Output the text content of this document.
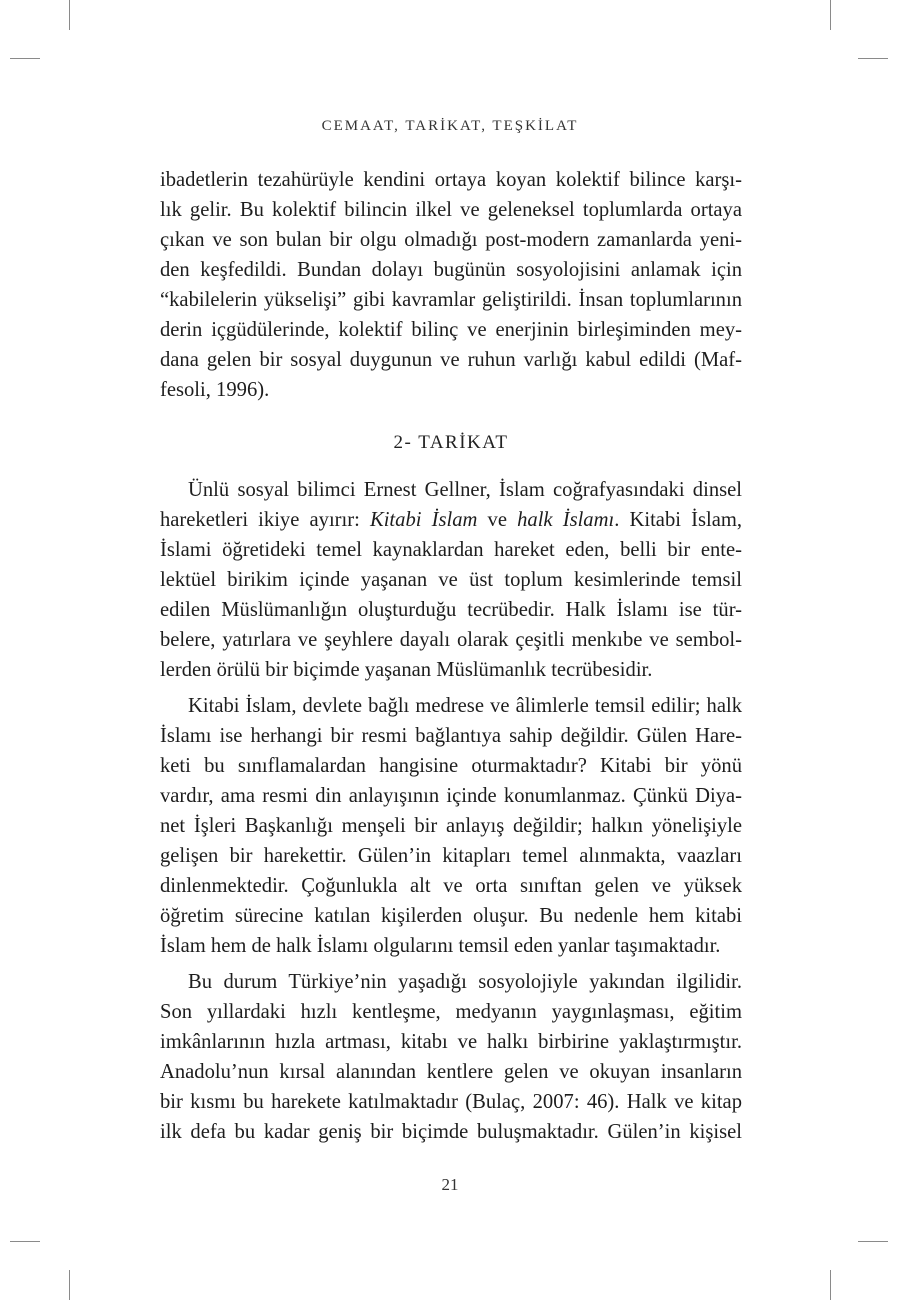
CEMAAT, TARİKAT, TEŞKİLAT

ibadetlerin tezahürüyle kendini ortaya koyan kolektif bilince karşı-

lık gelir. Bu kolektif bilincin ilkel ve geleneksel toplumlarda ortaya

çıkan ve son bulan bir olgu olmadığı post-modern zamanlarda yeni-

den keşfedildi. Bundan dolayı bugünün sosyolojisini anlamak için

“kabilelerin yükselişi” gibi kavramlar geliştirildi. İnsan toplumlarının

derin içgüdülerinde, kolektif bilinç ve enerjinin birleşiminden mey-

dana gelen bir sosyal duygunun ve ruhun varlığı kabul edildi (Maf-

fesoli, 1996).

2- TARİKAT

Ünlü sosyal bilimci Ernest Gellner, İslam coğrafyasındaki dinsel

hareketleri ikiye ayırır: Kitabi İslam ve halk İslamı. Kitabi İslam,

İslami öğretideki temel kaynaklardan hareket eden, belli bir ente-

lektüel birikim içinde yaşanan ve üst toplum kesimlerinde temsil

edilen Müslümanlığın oluşturduğu tecrübedir. Halk İslamı ise tür-

belere, yatırlara ve şeyhlere dayalı olarak çeşitli menkıbe ve sembol-

lerden örülü bir biçimde yaşanan Müslümanlık tecrübesidir.

Kitabi İslam, devlete bağlı medrese ve âlimlerle temsil edilir; halk

İslamı ise herhangi bir resmi bağlantıya sahip değildir. Gülen Hare-

keti bu sınıflamalardan hangisine oturmaktadır? Kitabi bir yönü

vardır, ama resmi din anlayışının içinde konumlanmaz. Çünkü Diya-

net İşleri Başkanlığı menşeli bir anlayış değildir; halkın yönelişiyle

gelişen bir harekettir. Gülen’in kitapları temel alınmakta, vaazları

dinlenmektedir. Çoğunlukla alt ve orta sınıftan gelen ve yüksek

öğretim sürecine katılan kişilerden oluşur. Bu nedenle hem kitabi

İslam hem de halk İslamı olgularını temsil eden yanlar taşımaktadır.

Bu durum Türkiye’nin yaşadığı sosyolojiyle yakından ilgilidir.

Son yıllardaki hızlı kentleşme, medyanın yaygınlaşması, eğitim

imkânlarının hızla artması, kitabı ve halkı birbirine yaklaştırmıştır.

Anadolu’nun kırsal alanından kentlere gelen ve okuyan insanların

bir kısmı bu harekete katılmaktadır (Bulaç, 2007: 46). Halk ve kitap

ilk defa bu kadar geniş bir biçimde buluşmaktadır. Gülen’in kişisel

21
